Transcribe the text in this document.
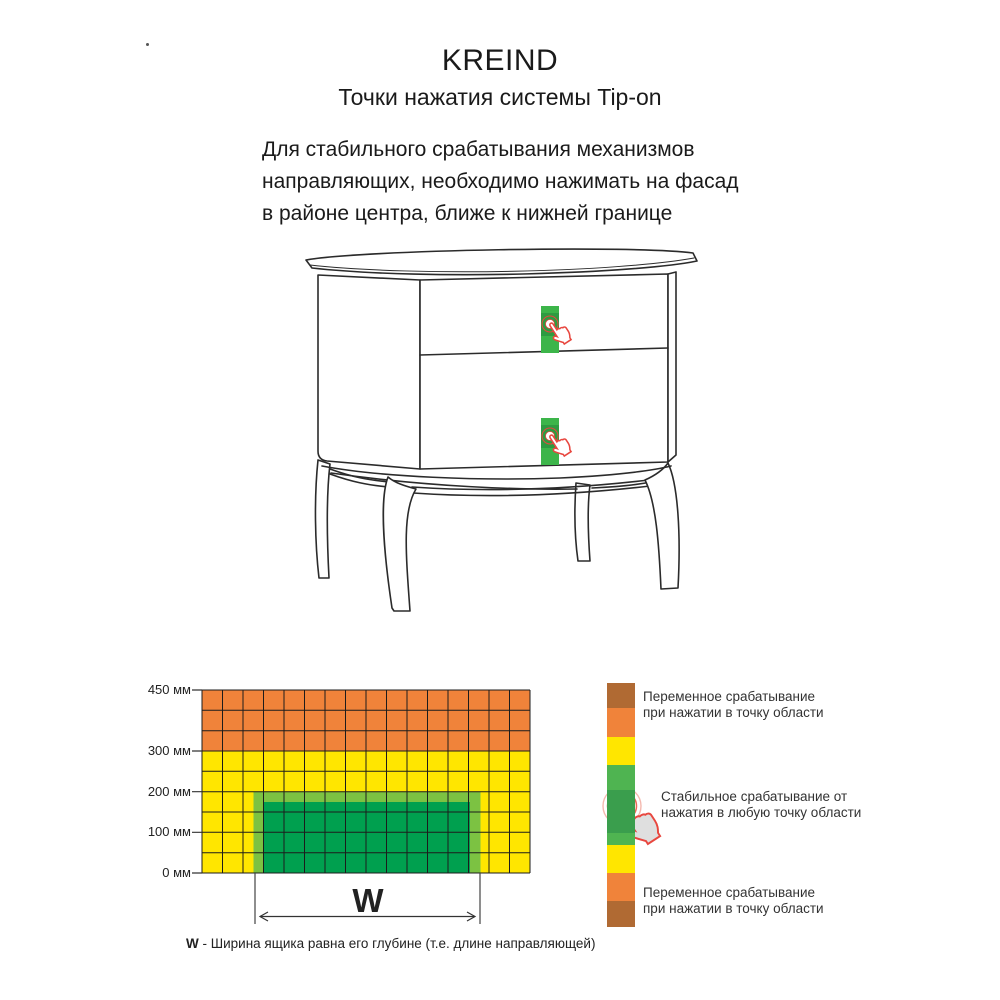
KREIND
Точки нажатия системы Tip-on
Для стабильного срабатывания механизмов
направляющих, необходимо нажимать на фасад
в районе центра, ближе к нижней границе
450 мм
300 мм
200 мм
100 мм
0 мм
W
Переменное срабатывание
при нажатии в точку области
Стабильное срабатывание от
нажатия в любую точку области
Переменное срабатывание
при нажатии в точку области
W - Ширина ящика равна его глубине (т.е. длине направляющей)
